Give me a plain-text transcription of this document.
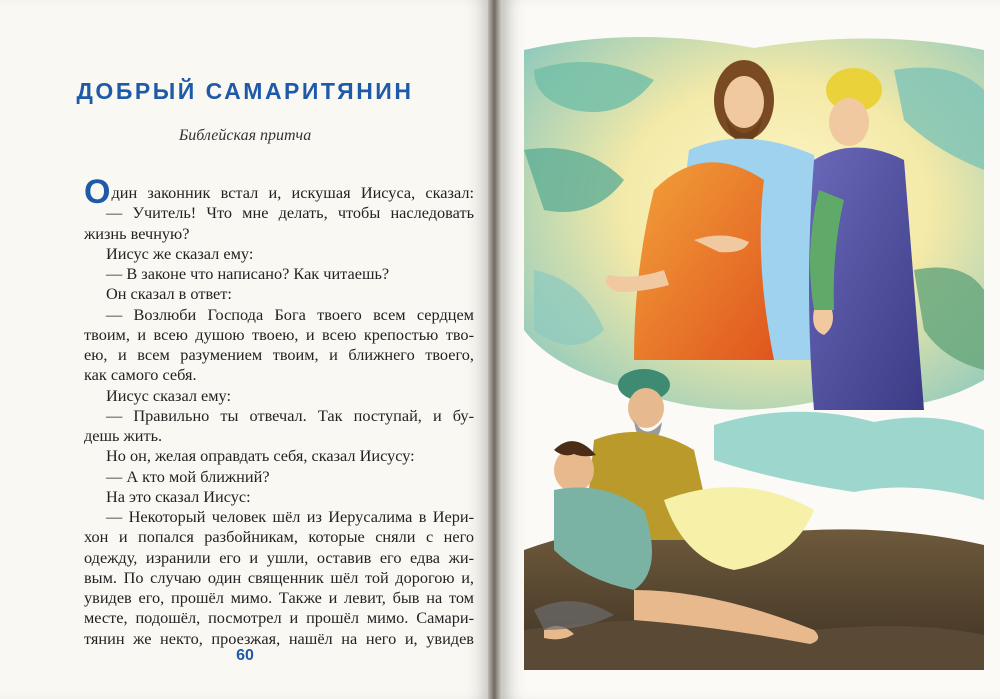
ДОБРЫЙ САМАРИТЯНИН

Библейская притча

Один законник встал и, искушая Иисуса, сказал:
— Учитель! Что мне делать, чтобы наследовать
жизнь вечную?
Иисус же сказал ему:
— В законе что написано? Как читаешь?
Он сказал в ответ:
— Возлюби Господа Бога твоего всем сердцем
твоим, и всею душою твоею, и всею крепостью тво-
ею, и всем разумением твоим, и ближнего твоего,
как самого себя.
Иисус сказал ему:
— Правильно ты отвечал. Так поступай, и бу-
дешь жить.
Но он, желая оправдать себя, сказал Иисусу:
— А кто мой ближний?
На это сказал Иисус:
— Некоторый человек шёл из Иерусалима в Иери-
хон и попался разбойникам, которые сняли с него
одежду, изранили его и ушли, оставив его едва жи-
вым. По случаю один священник шёл той дорогою и,
увидев его, прошёл мимо. Также и левит, быв на том
месте, подошёл, посмотрел и прошёл мимо. Самари-
тянин же некто, проезжая, нашёл на него и, увидев

60
